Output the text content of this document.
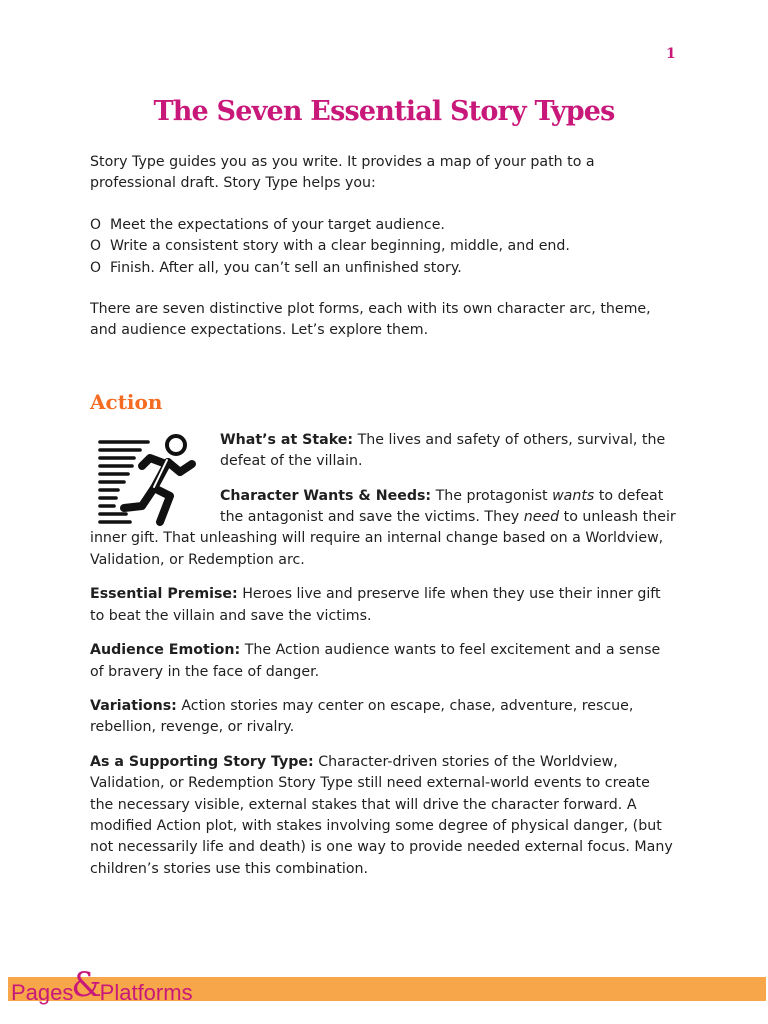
1
The Seven Essential Story Types

Story Type guides you as you write. It provides a map of your path to a professional draft. Story Type helps you:

O Meet the expectations of your target audience.
O Write a consistent story with a clear beginning, middle, and end.
O Finish. After all, you can’t sell an unfinished story.

There are seven distinctive plot forms, each with its own character arc, theme, and audience expectations. Let’s explore them.

Action

What’s at Stake: The lives and safety of others, survival, the defeat of the villain.

Character Wants & Needs: The protagonist wants to defeat the antagonist and save the victims. They need to unleash their inner gift. That unleashing will require an internal change based on a Worldview, Validation, or Redemption arc.

Essential Premise: Heroes live and preserve life when they use their inner gift to beat the villain and save the victims.

Audience Emotion: The Action audience wants to feel excitement and a sense of bravery in the face of danger.

Variations: Action stories may center on escape, chase, adventure, rescue, rebellion, revenge, or rivalry.

As a Supporting Story Type: Character-driven stories of the Worldview, Validation, or Redemption Story Type still need external-world events to create the necessary visible, external stakes that will drive the character forward. A modified Action plot, with stakes involving some degree of physical danger, (but not necessarily life and death) is one way to provide needed external focus. Many children’s stories use this combination.

Pages&Platforms
